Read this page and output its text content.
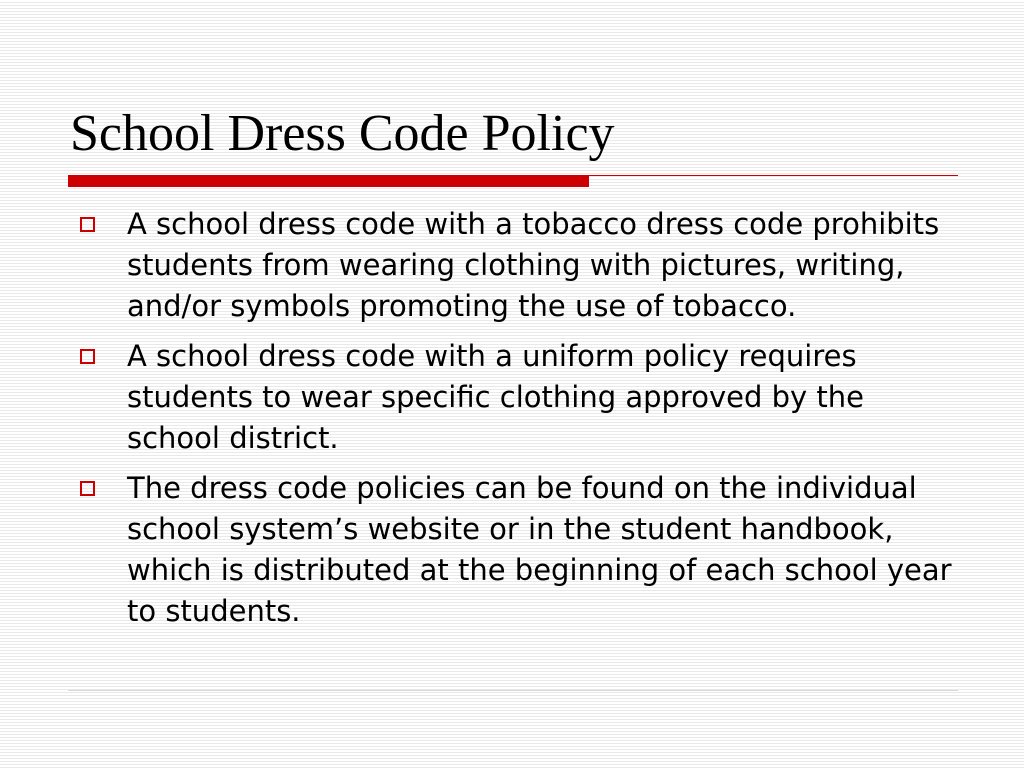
School Dress Code Policy
A school dress code with a tobacco dress code prohibits students from wearing clothing with pictures, writing, and/or symbols promoting the use of tobacco.
A school dress code with a uniform policy requires students to wear specific clothing approved by the school district.
The dress code policies can be found on the individual school system’s website or in the student handbook, which is distributed at the beginning of each school year to students.
